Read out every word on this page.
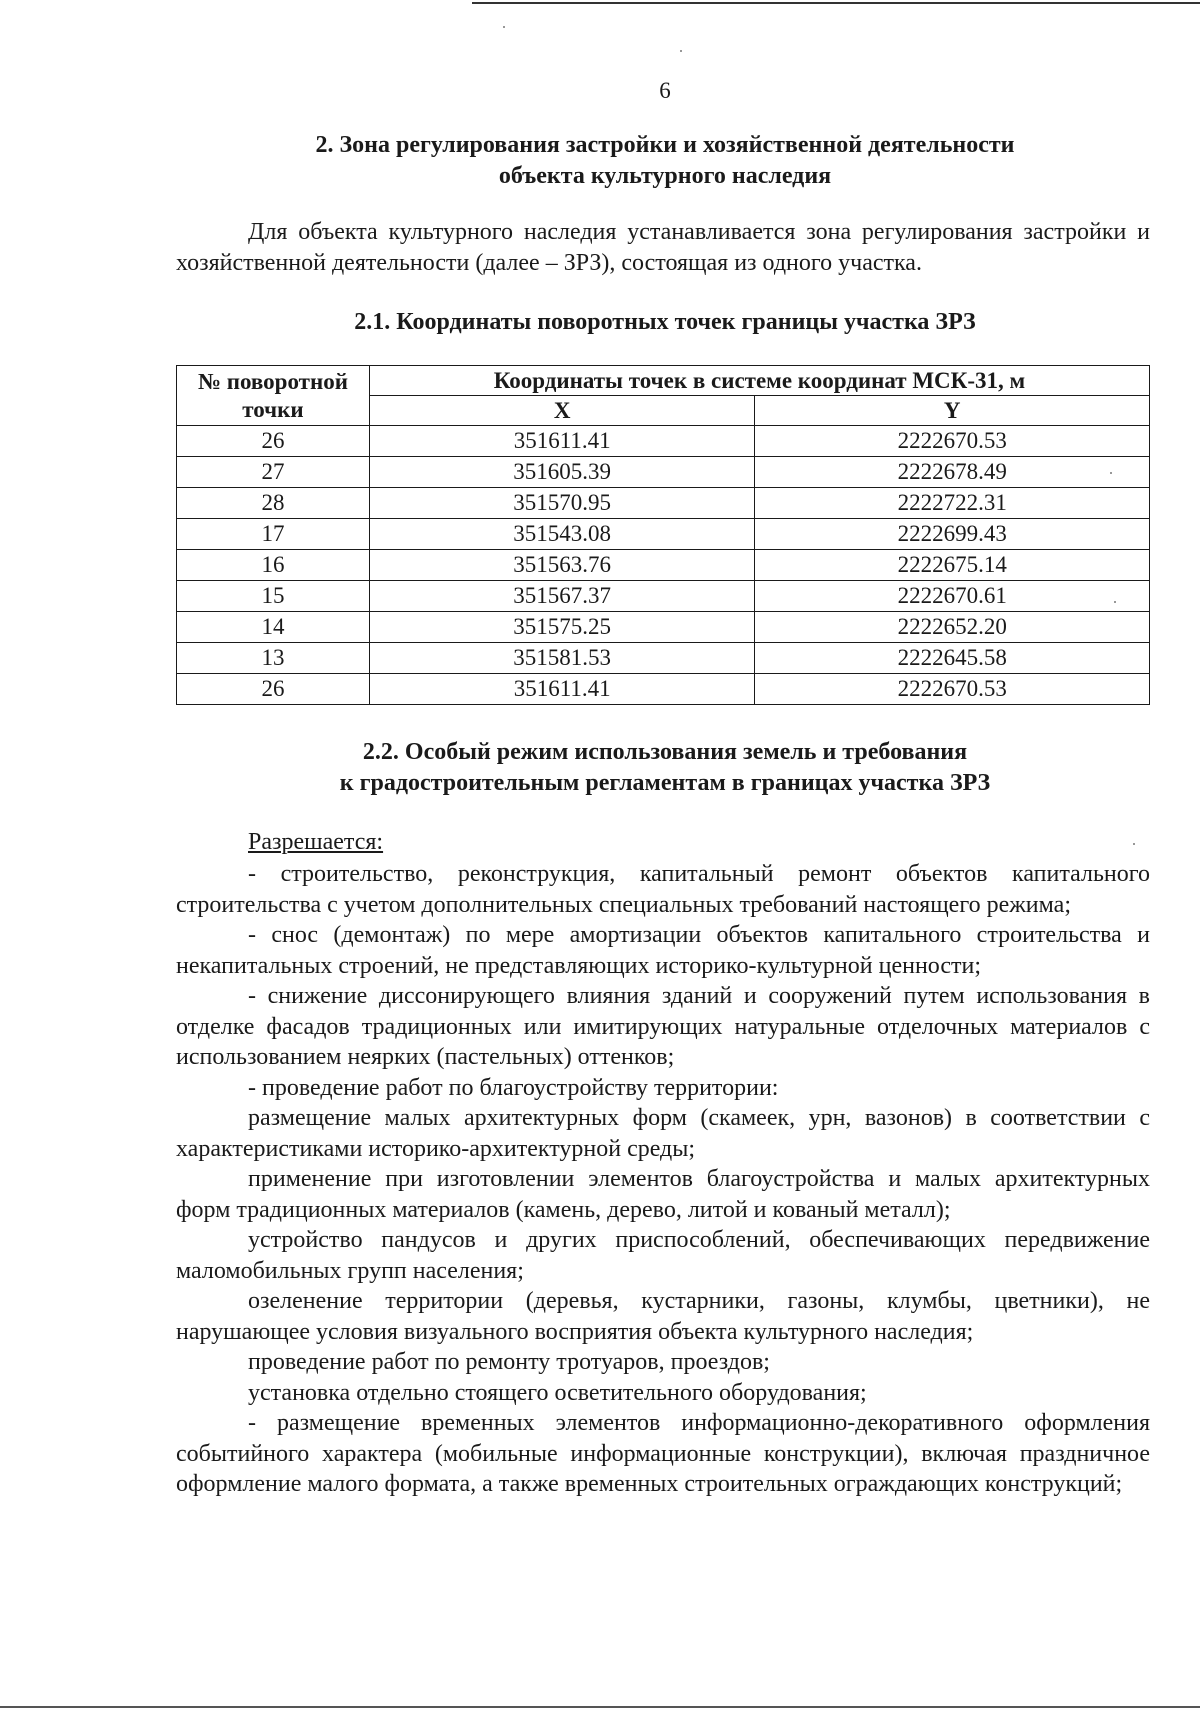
6
2. Зона регулирования застройки и хозяйственной деятельности
объекта культурного наследия

Для объекта культурного наследия устанавливается зона регулирования застройки и хозяйственной деятельности (далее – ЗРЗ), состоящая из одного участка.

2.1. Координаты поворотных точек границы участка ЗРЗ
№ поворотной
точки	Координаты точек в системе координат МСК-31, м	
	X	Y
26	351611.41	2222670.53
27	351605.39	2222678.49
28	351570.95	2222722.31
17	351543.08	2222699.43
16	351563.76	2222675.14
15	351567.37	2222670.61
14	351575.25	2222652.20
13	351581.53	2222645.58
26	351611.41	2222670.53
2.2. Особый режим использования земель и требования
к градостроительным регламентам в границах участка ЗРЗ
Разрешается:

- строительство, реконструкция, капитальный ремонт объектов капитального строительства с учетом дополнительных специальных требований настоящего режима;

- снос (демонтаж) по мере амортизации объектов капитального строительства и некапитальных строений, не представляющих историко-культурной ценности;

- снижение диссонирующего влияния зданий и сооружений путем использования в отделке фасадов традиционных или имитирующих натуральные отделочных материалов с использованием неярких (пастельных) оттенков;

- проведение работ по благоустройству территории:

размещение малых архитектурных форм (скамеек, урн, вазонов) в соответствии с характеристиками историко-архитектурной среды;

применение при изготовлении элементов благоустройства и малых архитектурных форм традиционных материалов (камень, дерево, литой и кованый металл);

устройство пандусов и других приспособлений, обеспечивающих передвижение маломобильных групп населения;

озеленение территории (деревья, кустарники, газоны, клумбы, цветники), не нарушающее условия визуального восприятия объекта культурного наследия;

проведение работ по ремонту тротуаров, проездов;

установка отдельно стоящего осветительного оборудования;

- размещение временных элементов информационно-декоративного оформления событийного характера (мобильные информационные конструкции), включая праздничное оформление малого формата, а также временных строительных ограждающих конструкций;
